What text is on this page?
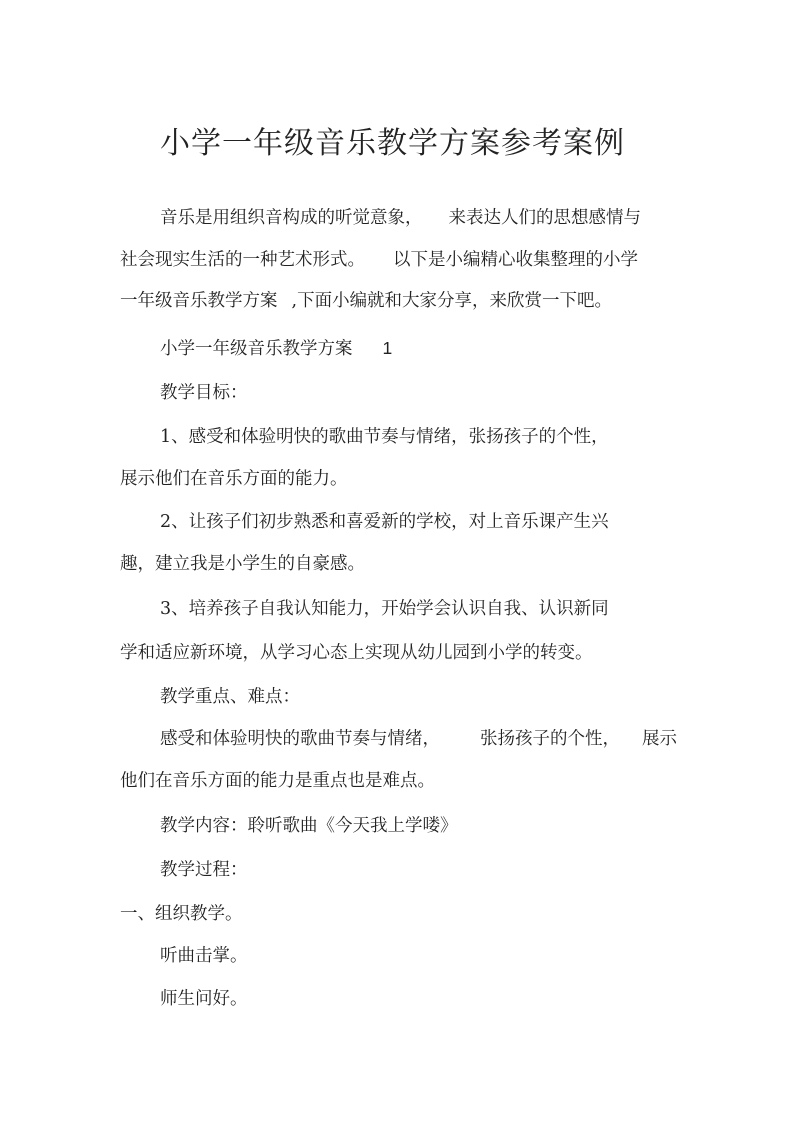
小学一年级音乐教学方案参考案例
音乐是用组织音构成的听觉意象， 来表达人们的思想感情与
社会现实生活的一种艺术形式。 以下是小编精心收集整理的小学
一年级音乐教学方案 ,下面小编就和大家分享，来欣赏一下吧。
小学一年级音乐教学方案 1
教学目标：
1、感受和体验明快的歌曲节奏与情绪，张扬孩子的个性，
展示他们在音乐方面的能力。
2、让孩子们初步熟悉和喜爱新的学校，对上音乐课产生兴
趣，建立我是小学生的自豪感。
3、培养孩子自我认知能力，开始学会认识自我、认识新同
学和适应新环境，从学习心态上实现从幼儿园到小学的转变。
教学重点、难点：
感受和体验明快的歌曲节奏与情绪， 张扬孩子的个性， 展示
他们在音乐方面的能力是重点也是难点。
教学内容：聆听歌曲《今天我上学喽》
教学过程：
一、组织教学。
听曲击掌。
师生问好。
